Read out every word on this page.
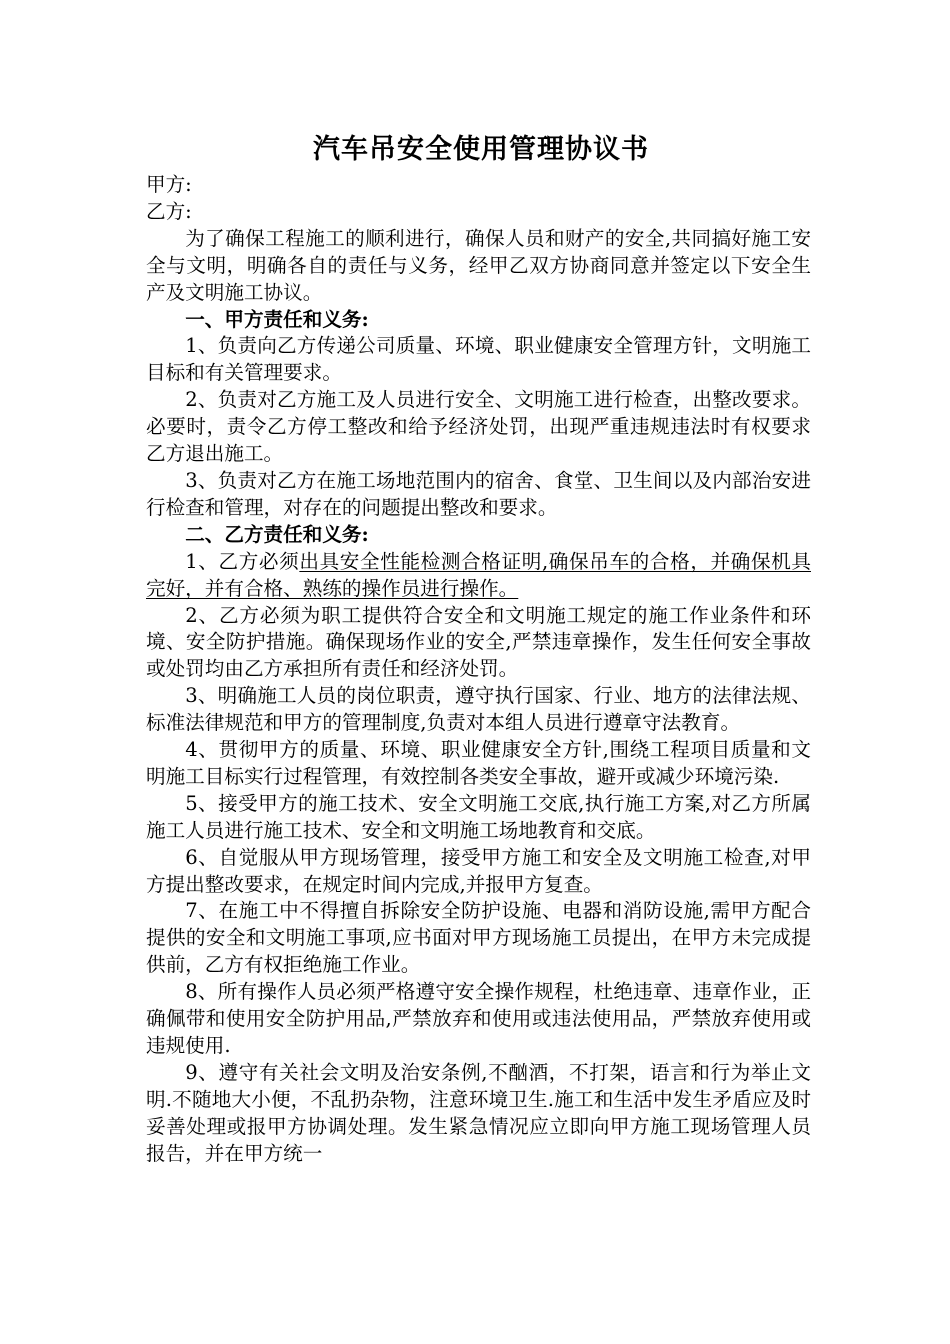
汽车吊安全使用管理协议书

甲方:

乙方:

为了确保工程施工的顺利进行，确保人员和财产的安全,共同搞好施工安全与文明，明确各自的责任与义务，经甲乙双方协商同意并签定以下安全生产及文明施工协议。

一、甲方责任和义务:

1、负责向乙方传递公司质量、环境、职业健康安全管理方针，文明施工目标和有关管理要求。

2、负责对乙方施工及人员进行安全、文明施工进行检查，出整改要求。必要时，责令乙方停工整改和给予经济处罚，出现严重违规违法时有权要求乙方退出施工。

3、负责对乙方在施工场地范围内的宿舍、食堂、卫生间以及内部治安进行检查和管理，对存在的问题提出整改和要求。

二、乙方责任和义务:

1、乙方必须出具安全性能检测合格证明,确保吊车的合格，并确保机具完好，并有合格、熟练的操作员进行操作。

2、乙方必须为职工提供符合安全和文明施工规定的施工作业条件和环境、安全防护措施。确保现场作业的安全,严禁违章操作，发生任何安全事故或处罚均由乙方承担所有责任和经济处罚。

3、明确施工人员的岗位职责，遵守执行国家、行业、地方的法律法规、标准法律规范和甲方的管理制度,负责对本组人员进行遵章守法教育。

4、贯彻甲方的质量、环境、职业健康安全方针,围绕工程项目质量和文明施工目标实行过程管理，有效控制各类安全事故，避开或减少环境污染.

5、接受甲方的施工技术、安全文明施工交底,执行施工方案,对乙方所属施工人员进行施工技术、安全和文明施工场地教育和交底。

6、自觉服从甲方现场管理，接受甲方施工和安全及文明施工检查,对甲方提出整改要求，在规定时间内完成,并报甲方复查。

7、在施工中不得擅自拆除安全防护设施、电器和消防设施,需甲方配合提供的安全和文明施工事项,应书面对甲方现场施工员提出，在甲方未完成提供前，乙方有权拒绝施工作业。

8、所有操作人员必须严格遵守安全操作规程，杜绝违章、违章作业，正确佩带和使用安全防护用品,严禁放弃和使用或违法使用品，严禁放弃使用或违规使用.

9、遵守有关社会文明及治安条例,不酗酒，不打架，语言和行为举止文明.不随地大小便，不乱扔杂物，注意环境卫生.施工和生活中发生矛盾应及时妥善处理或报甲方协调处理。发生紧急情况应立即向甲方施工现场管理人员报告，并在甲方统一
